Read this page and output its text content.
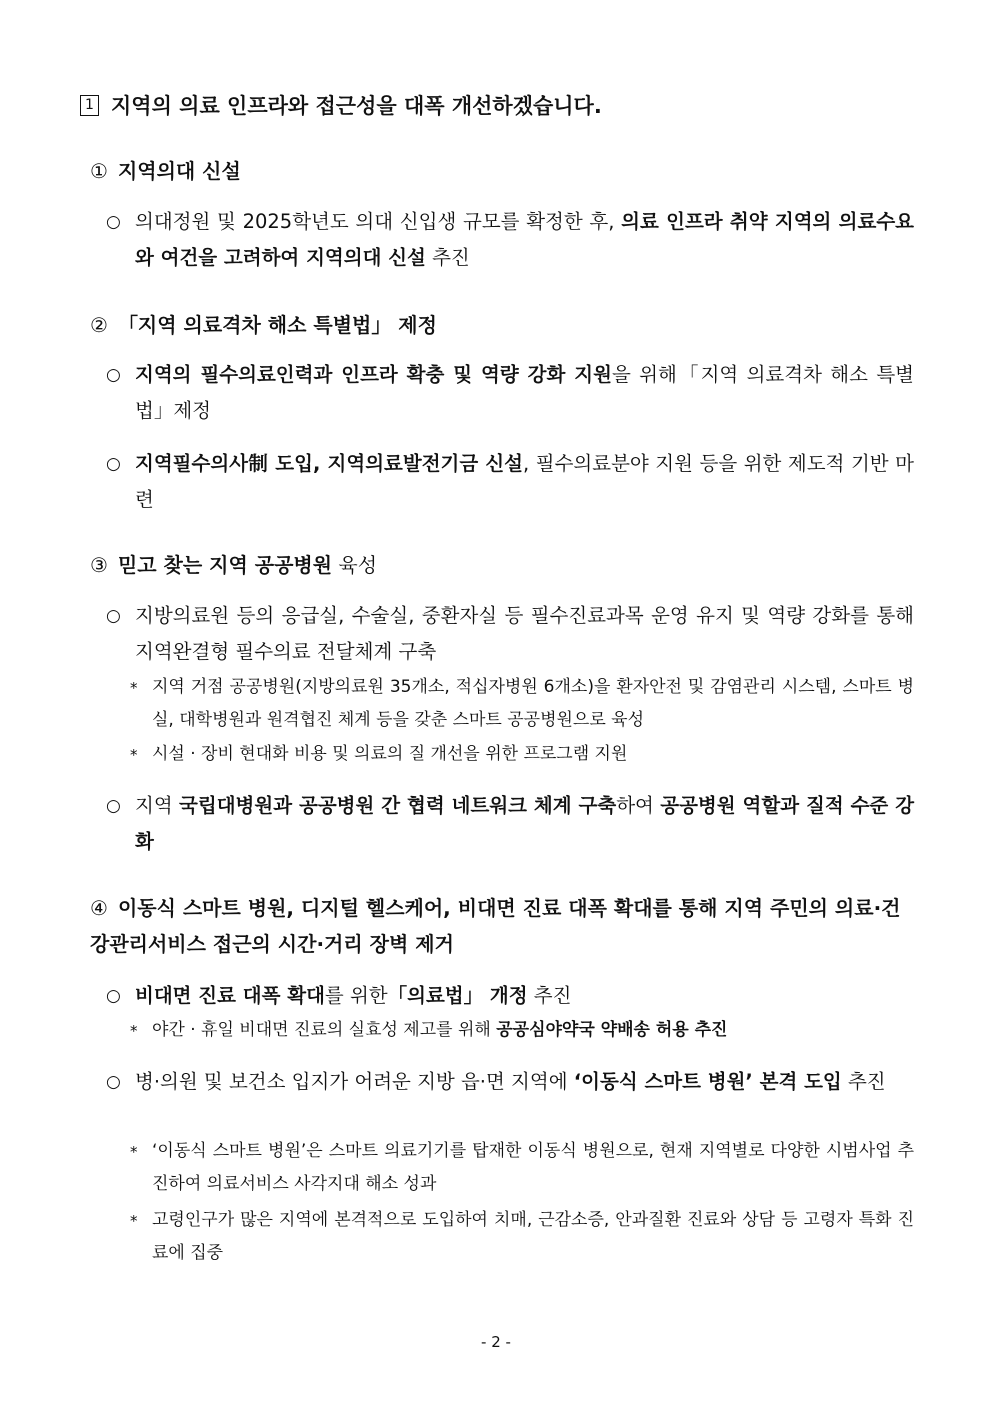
1 지역의 의료 인프라와 접근성을 대폭 개선하겠습니다.
① 지역의대 신설
○ 의대정원 및 2025학년도 의대 신입생 규모를 확정한 후, 의료 인프라 취약 지역의 의료수요와 여건을 고려하여 지역의대 신설 추진
② 「지역 의료격차 해소 특별법」 제정
○ 지역의 필수의료인력과 인프라 확충 및 역량 강화 지원을 위해「지역 의료격차 해소 특별법」제정
○ 지역필수의사制 도입, 지역의료발전기금 신설, 필수의료분야 지원 등을 위한 제도적 기반 마련
③ 믿고 찾는 지역 공공병원 육성
○ 지방의료원 등의 응급실, 수술실, 중환자실 등 필수진료과목 운영 유지 및 역량 강화를 통해 지역완결형 필수의료 전달체계 구축
* 지역 거점 공공병원(지방의료원 35개소, 적십자병원 6개소)을 환자안전 및 감염관리 시스템, 스마트 병실, 대학병원과 원격협진 체계 등을 갖춘 스마트 공공병원으로 육성
* 시설 · 장비 현대화 비용 및 의료의 질 개선을 위한 프로그램 지원
○ 지역 국립대병원과 공공병원 간 협력 네트워크 체계 구축하여 공공병원 역할과 질적 수준 강화
④ 이동식 스마트 병원, 디지털 헬스케어, 비대면 진료 대폭 확대를 통해 지역 주민의 의료·건강관리서비스 접근의 시간·거리 장벽 제거
○ 비대면 진료 대폭 확대를 위한「의료법」 개정 추진
* 야간 · 휴일 비대면 진료의 실효성 제고를 위해 공공심야약국 약배송 허용 추진
○ 병·의원 및 보건소 입지가 어려운 지방 읍·면 지역에 ‘이동식 스마트 병원’ 본격 도입 추진
* ‘이동식 스마트 병원’은 스마트 의료기기를 탑재한 이동식 병원으로, 현재 지역별로 다양한 시범사업 추진하여 의료서비스 사각지대 해소 성과
* 고령인구가 많은 지역에 본격적으로 도입하여 치매, 근감소증, 안과질환 진료와 상담 등 고령자 특화 진료에 집중
- 2 -
